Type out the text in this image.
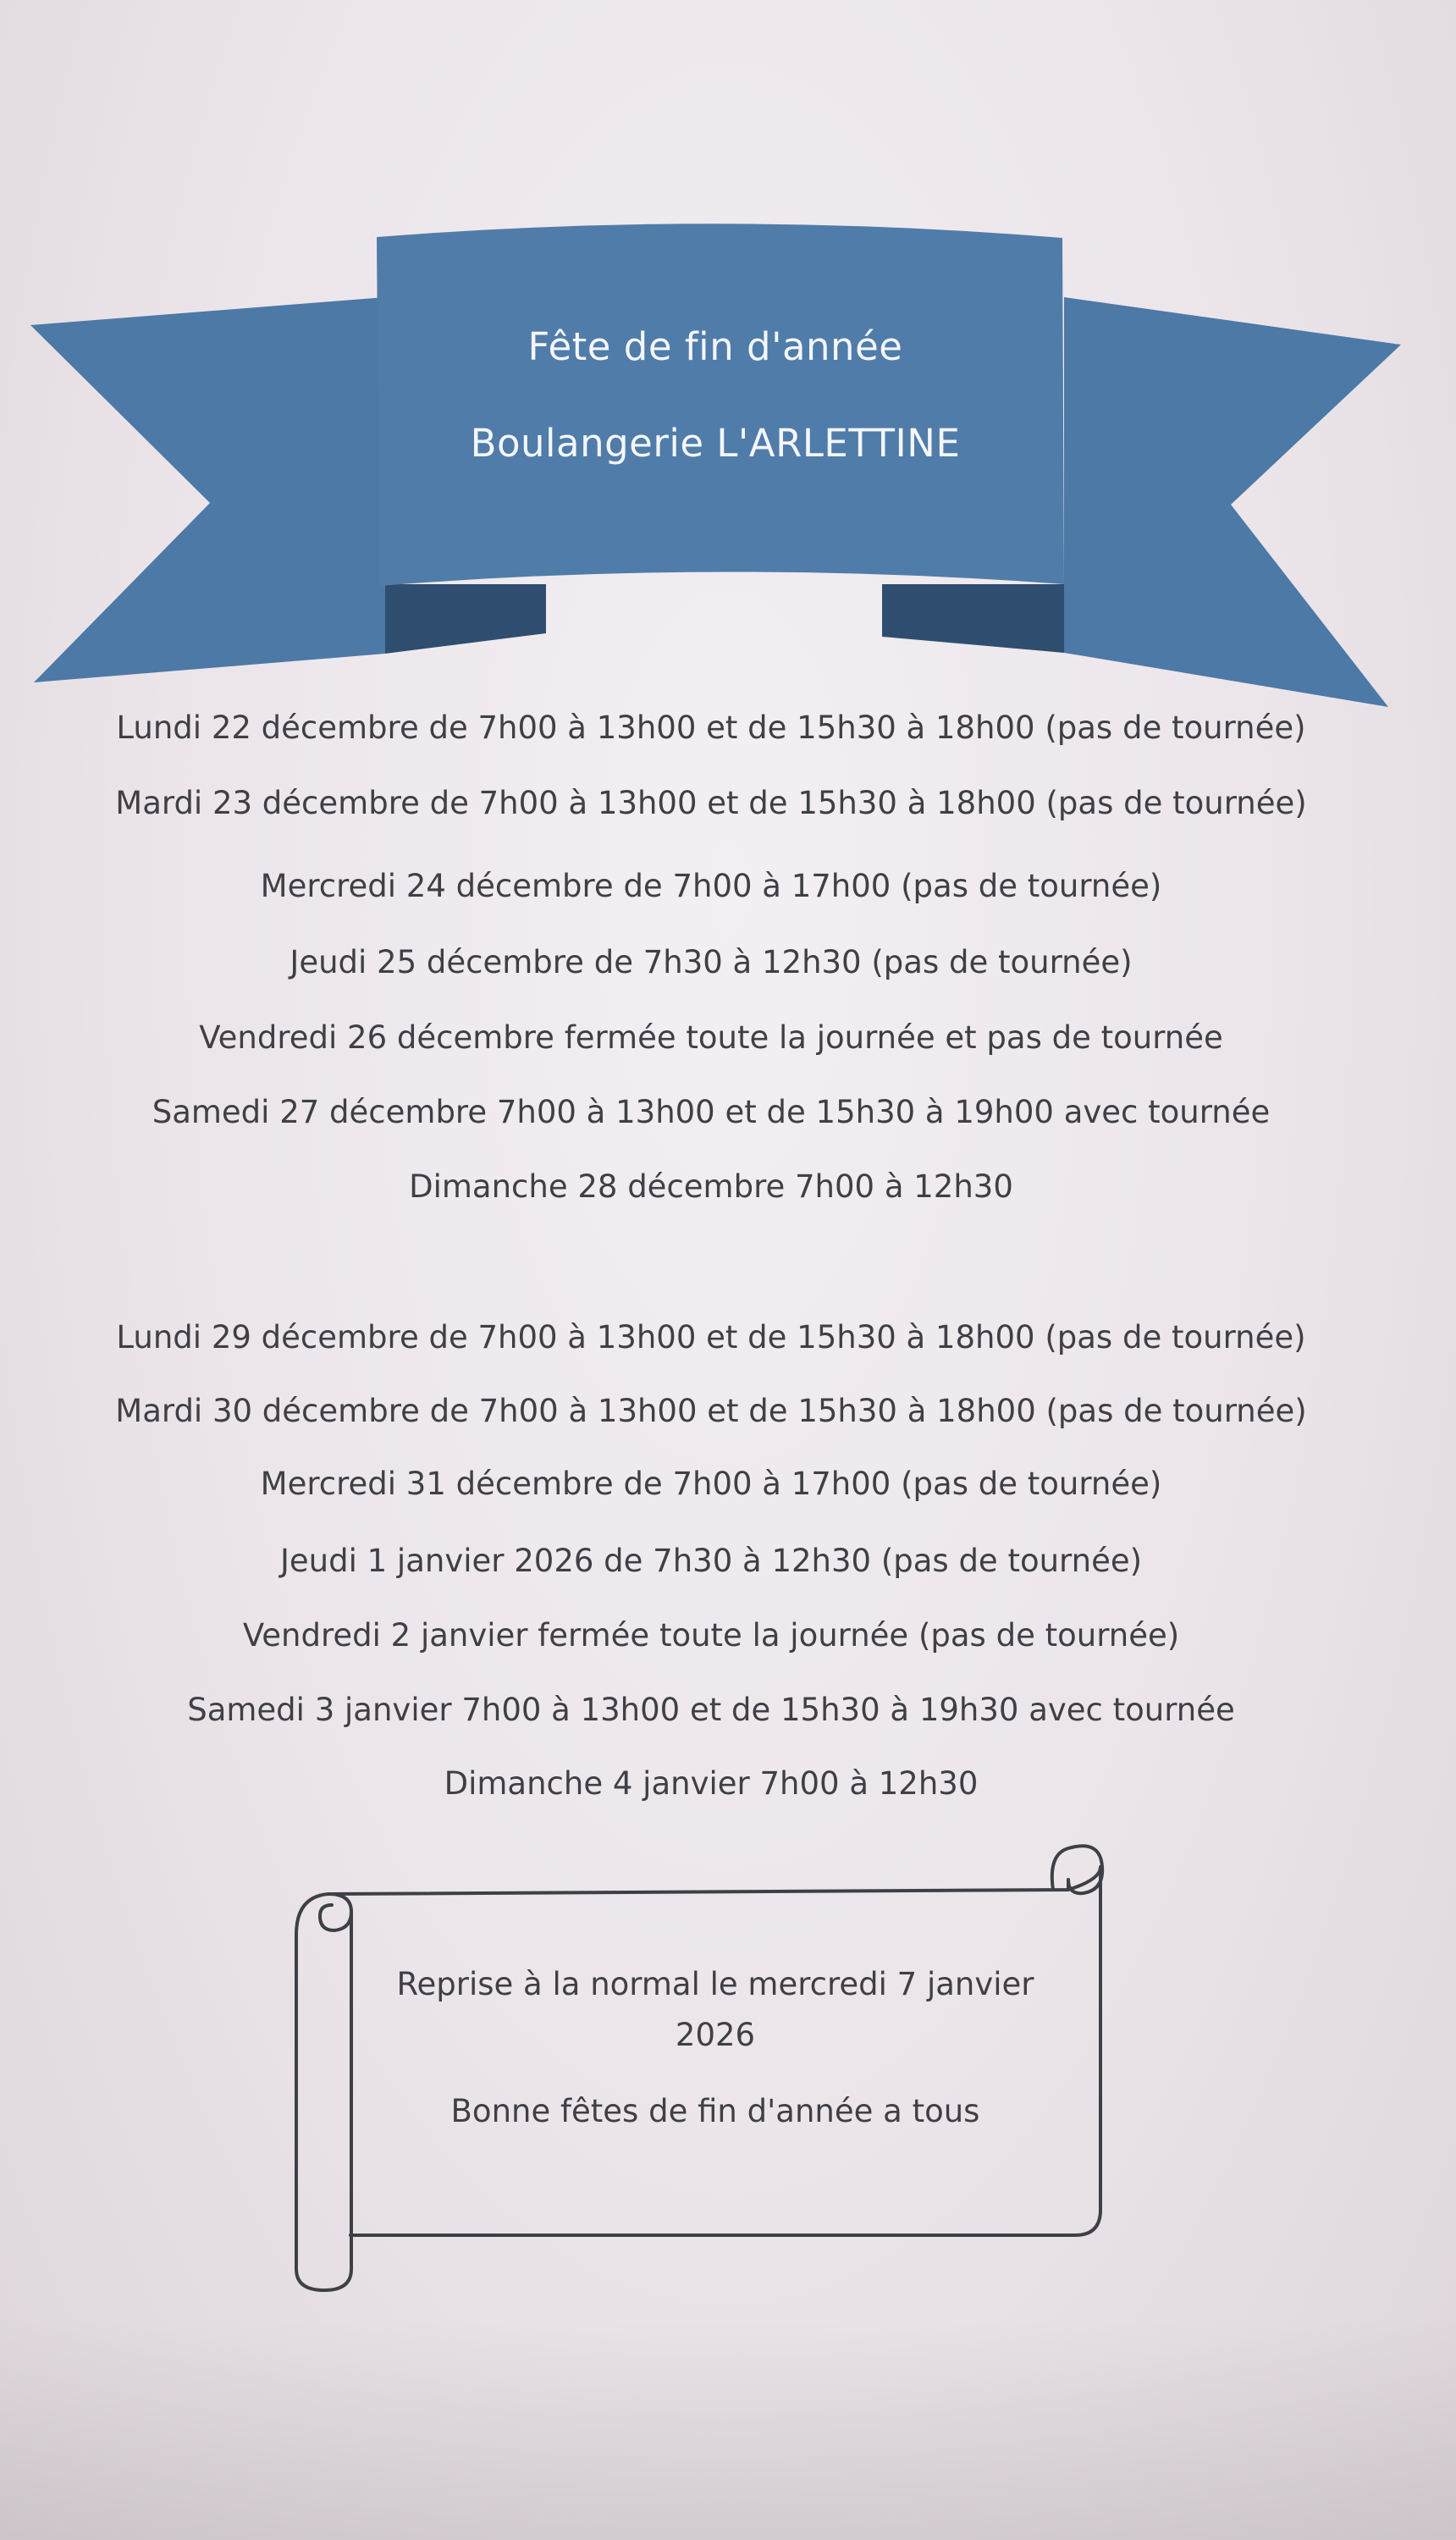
Fête de fin d'année
Boulangerie L'ARLETTINE
Lundi 22 décembre de 7h00 à 13h00 et de 15h30 à 18h00 (pas de tournée)
Mardi 23 décembre de 7h00 à 13h00 et de 15h30 à 18h00 (pas de tournée)
Mercredi 24 décembre de 7h00 à 17h00 (pas de tournée)
Jeudi 25 décembre de 7h30 à 12h30 (pas de tournée)
Vendredi 26 décembre fermée toute la journée et pas de tournée
Samedi 27 décembre 7h00 à 13h00 et de 15h30 à 19h00 avec tournée
Dimanche 28 décembre 7h00 à 12h30
Lundi 29 décembre de 7h00 à 13h00 et de 15h30 à 18h00 (pas de tournée)
Mardi 30 décembre de 7h00 à 13h00 et de 15h30 à 18h00 (pas de tournée)
Mercredi 31 décembre de 7h00 à 17h00 (pas de tournée)
Jeudi 1 janvier 2026 de 7h30 à 12h30 (pas de tournée)
Vendredi 2 janvier fermée toute la journée (pas de tournée)
Samedi 3 janvier 7h00 à 13h00 et de 15h30 à 19h30 avec tournée
Dimanche 4 janvier 7h00 à 12h30
Reprise à la normal le mercredi 7 janvier
2026
Bonne fêtes de fin d'année a tous
